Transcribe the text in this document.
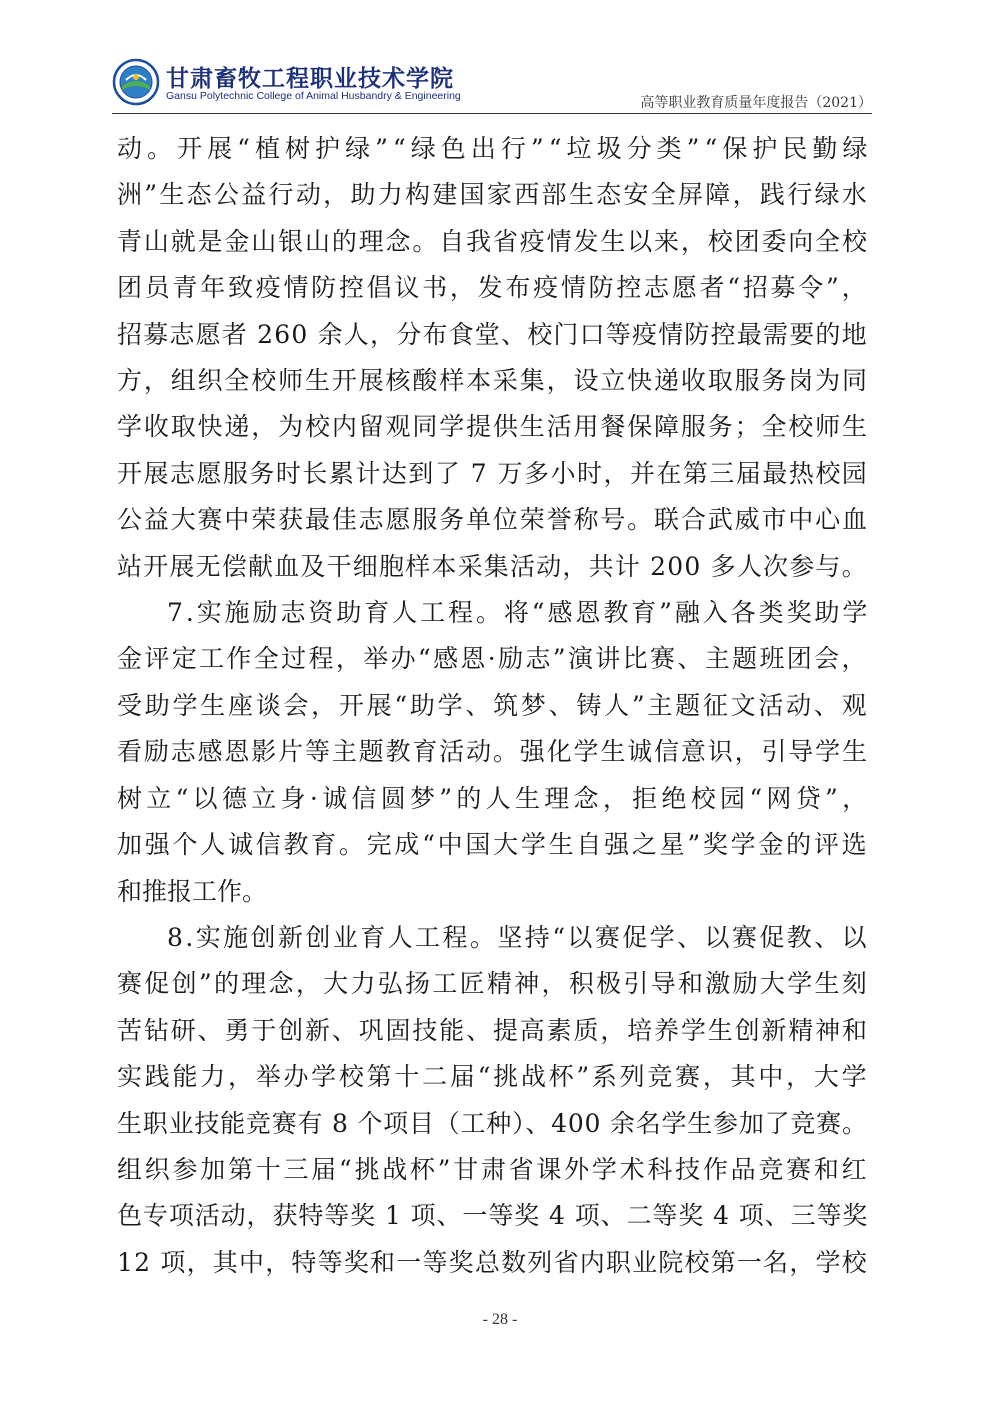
甘肃畜牧工程职业技术学院
Gansu Polytechnic College of Animal Husbandry & Engineering	高等职业教育质量年度报告（2021）

动。开展“植树护绿”“绿色出行”“垃圾分类”“保护民勤绿
洲”生态公益行动，助力构建国家西部生态安全屏障，践行绿水
青山就是金山银山的理念。自我省疫情发生以来，校团委向全校
团员青年致疫情防控倡议书，发布疫情防控志愿者“招募令”，
招募志愿者 260 余人，分布食堂、校门口等疫情防控最需要的地
方，组织全校师生开展核酸样本采集，设立快递收取服务岗为同
学收取快递，为校内留观同学提供生活用餐保障服务；全校师生
开展志愿服务时长累计达到了 7 万多小时，并在第三届最热校园
公益大赛中荣获最佳志愿服务单位荣誉称号。联合武威市中心血
站开展无偿献血及干细胞样本采集活动，共计 200 多人次参与。

7.实施励志资助育人工程。将“感恩教育”融入各类奖助学

金评定工作全过程，举办“感恩·励志”演讲比赛、主题班团会，
受助学生座谈会，开展“助学、筑梦、铸人”主题征文活动、观
看励志感恩影片等主题教育活动。强化学生诚信意识，引导学生
树立“以德立身·诚信圆梦”的人生理念，拒绝校园“网贷”，
加强个人诚信教育。完成“中国大学生自强之星”奖学金的评选
和推报工作。

8.实施创新创业育人工程。坚持“以赛促学、以赛促教、以

赛促创”的理念，大力弘扬工匠精神，积极引导和激励大学生刻
苦钻研、勇于创新、巩固技能、提高素质，培养学生创新精神和
实践能力，举办学校第十二届“挑战杯”系列竞赛，其中，大学
生职业技能竞赛有 8 个项目（工种）、400 余名学生参加了竞赛。
组织参加第十三届“挑战杯”甘肃省课外学术科技作品竞赛和红
色专项活动，获特等奖 1 项、一等奖 4 项、二等奖 4 项、三等奖
12 项，其中，特等奖和一等奖总数列省内职业院校第一名，学校

- 28 -
